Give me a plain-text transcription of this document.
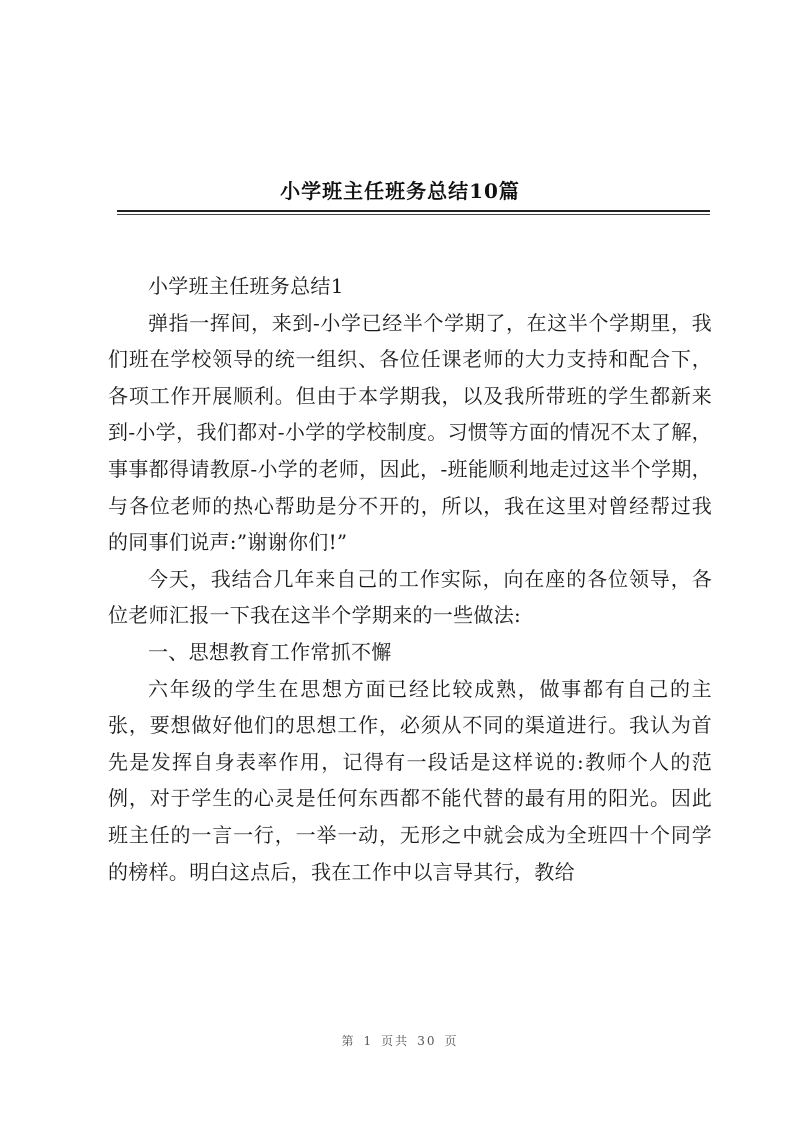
小学班主任班务总结10篇

小学班主任班务总结1

弹指一挥间，来到-小学已经半个学期了，在这半个学期里，我们班在学校领导的统一组织、各位任课老师的大力支持和配合下，各项工作开展顺利。但由于本学期我，以及我所带班的学生都新来到-小学，我们都对-小学的学校制度。习惯等方面的情况不太了解，事事都得请教原-小学的老师，因此，-班能顺利地走过这半个学期，与各位老师的热心帮助是分不开的，所以，我在这里对曾经帮过我的同事们说声:”谢谢你们!”

今天，我结合几年来自己的工作实际，向在座的各位领导，各位老师汇报一下我在这半个学期来的一些做法:

一、思想教育工作常抓不懈

六年级的学生在思想方面已经比较成熟，做事都有自己的主张，要想做好他们的思想工作，必须从不同的渠道进行。我认为首先是发挥自身表率作用，记得有一段话是这样说的:教师个人的范例，对于学生的心灵是任何东西都不能代替的最有用的阳光。因此班主任的一言一行，一举一动，无形之中就会成为全班四十个同学的榜样。明白这点后，我在工作中以言导其行，教给

第 1 页共 30 页
